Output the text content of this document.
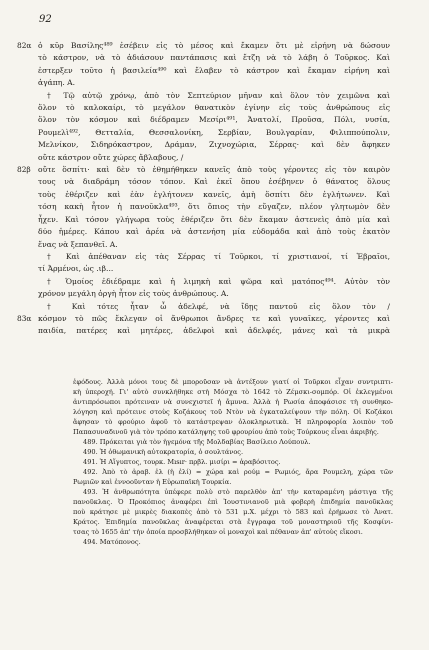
92
82α ὁ κῦρ Βασίλης⁴⁸⁹ ἐσέβειν εἰς τὸ μέσος καὶ ἔκαμεν ὅτι μὲ εἰρήνη νὰ δώσουν
τὸ κάστρον, νὰ τὸ ἀδιάσουν παντάπασις καὶ ἔτζη νὰ τὸ λάβη ὁ Τοῦρκος. Καὶ
ἐστερξεν τοῦτο ἡ βασιλεία⁴⁹⁰ καὶ ἔλαβεν τὸ κάστρον καὶ ἔκαμαν εἰρήνη καὶ
ἀγάπη. Α.
† Τῷ αὐτῷ χρόνῳ, ἀπὸ τὸν Σεπτεύριον μῆναν καὶ ὅλον τὸν χειμῶνα καὶ
ὅλον τὸ καλοκαίρι, τὸ μεγάλον θανατικὸν ἐγίνην εἰς τοὺς ἀνθρώπους εἰς
ὅλον τὸν κόσμον καὶ διέδραμεν Μεσίρι⁴⁹¹, Ἀνατολί, Προῦσα, Πόλι, νυσία,
Ρουμελὶ⁴⁹², Θετταλία, Θεσσαλονίκη, Σερβίαν, Βουλγαρίαν, Φιλιππούπολιν,
Μελνίκον, Σιδηρόκαστρον, Δράμαν, Ζιχνοχώρια, Σέρρας· καὶ δὲν ἄφηκεν
οὔτε κάστρον οὔτε χώρες ἄβλαβους, /
82β οὔτε ὅσπίτι· καὶ δὲν τὸ ἐθημήθηκεν κανεῖς ἀπὸ τοὺς γέροντες εἰς τὸν καιρὸν
τους νὰ διαδράμη τόσον τόπον. Καὶ ἐκεῖ ὅπου ἐσέβηνεν ὁ θάνατος ὅλους
τοὺς ἐθέριζεν καὶ ἐὰν ἐγλήτονεν κανεῖς, ἀμὴ ὅσπίτι δὲν ἐγλήτωνεν. Καὶ
τόση κακὴ ἦτον ἡ πανοῦκλα⁴⁹³, ὅτι ὅπιος τὴν εὔγαζεν, πλέον γλητωμὸν δὲν
ἦχεν. Καὶ τόσον γλήγωρα τοὺς ἐθέριζεν ὅτι δὲν ἔκαμαν ἀστενεὶς ἀπὸ μία καὶ
δύο ἡμέρες. Κάπου καὶ ἀρέα νὰ ἀστενήση μία εὐδομάδα καὶ ἀπὸ τοὺς ἑκατὸν
ἕνας νὰ ξεπανθεῖ. Α.
† Καὶ ἀπέθαναν εἰς τὰς Σέρρας τί Τοῦρκοι, τί χριστιανοί, τί Ἑβραῖοι,
τί Ἀρμένοι, ὡς .ιβ...
† Ὁμοίος ἐδιέδραμε καὶ ἡ λιμηκὴ καὶ ψῶρα καὶ ματόπος⁴⁹⁴. Αὐτὸν τὸν
χρόνον μεγάλη ὀργὴ ἦτον εἰς τοὺς ἀνθρώπους. Α.
† Καὶ τότες ἦταν ὦ ἀδελφέ, νὰ ἴδῃς παντοῦ εἰς ὅλον τὸν /
83α κόσμον τὸ πῶς ἔκλεγαν οἱ ἄνθρωποι ἄνδρες τε καὶ γυναῖκες, γέροντες καὶ
παιδία, πατέρες καὶ μητέρες, ἀδελφοὶ καὶ ἀδελφές, μάνες καὶ τὰ μικρὰ
ἐφόδους. Ἀλλὰ μόνοι τους δὲ μποροῦσαν νὰ ἀντέξουν γιατί οἱ Τοῦρκοι εἶχαν συντριπτι-
κὴ ὑπεροχή. Γι' αὐτὸ συνκλήθηκε στὴ Μόσχα τὸ 1642 τὸ Ζέμσκι-σομπόρ. Οἱ ἐκλεγμένοι
ἀντιπρόσωποι πρότειναν νὰ συνεχιστεῖ ἡ ἄμυνα. Ἀλλὰ ἡ Ρωσία ἀποφάσισε τὴ συνθηκο-
λόγηση καὶ πρότεινε στοὺς Κοζάκους τοῦ Ντὸν νὰ ἐγκαταλείψουν τὴν πόλη. Οἱ Κοζάκοι
ἄφησαν τὸ φρούριο ἀφοῦ τὸ κατάστρεψαν ὁλοκληρωτικὰ. Ἡ πληροφορία λοιπὸν τοῦ
Παπασυναδινοῦ γιὰ τὸν τρόπο κατάληψης τοῦ φρουρίου ἀπὸ τοὺς Τούρκους εἶναι ἀκριβής.
489. Πρόκειται γιὰ τὸν ἡγεμόνα τῆς Μολδαβίας Βασίλειο Λούπουλ.
490. Ἡ ὀθωμανικὴ αὐτοκρατορία, ὁ σουλτάνος.
491. Ἡ Αἴγυπτος, τουρκ. Mısır· πρβλ. μισίρι = ἀραβόσιτος.
492. Ἀπὸ τὸ ἀραβ. ἐλ (ἡ ἐλί) = χώρα καὶ ρούμ = Ρωμιός, ἄρα Ρουμελη, χώρα τῶν
Ρωμιῶν καὶ ἐννοοῦνταν ἡ Εὐρωπαϊκὴ Τουρκία.
493. Ἡ ἀνθρωπότητα ὑπέφερε πολὺ στὸ παρελθὸν ἀπ' τὴν καταραμένη μάστιγα τῆς
πανοῦκλας. Ὁ Προκόπιος ἀναφέρει ἐπὶ Ἰουστινιανοῦ μιὰ φοβερὴ ἐπιδημία πανοῦκλας
ποὺ κράτησε μὲ μικρὲς διακοπὲς ἀπὸ τὸ 531 μ.Χ. μέχρι τὸ 583 καὶ ἐρήμωσε τὸ Ἀνατ.
Κράτος. Ἐπιδημία πανοῦκλας ἀναφέρεται στὰ ἔγγραφα τοῦ μοναστηριοῦ τῆς Κοσφίνι-
τσας τὸ 1655 ἀπ' τὴν ὁποία προσβλήθηκαν οἱ μοναχοὶ καὶ πέθαναν ἀπ' αὐτοὺς εἴκοσι.
494. Ματόπονος.
